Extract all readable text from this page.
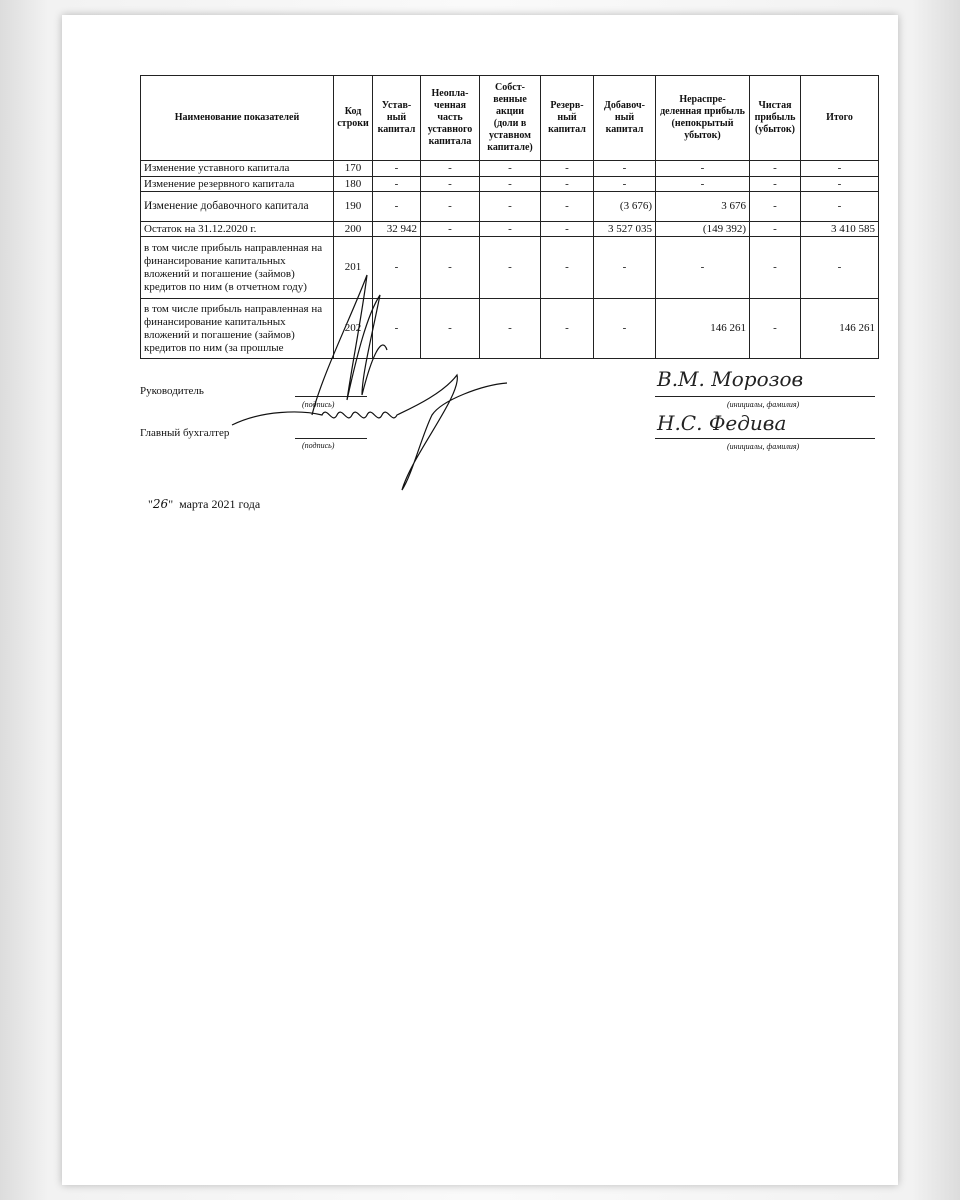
Наименование показателей	Код строки	Устав-ный капитал	Неопла-ченная часть уставного капитала	Собст-венные акции (доли в уставном капитале)	Резерв-ный капитал	Добавоч-ный капитал	Нераспре-деленная прибыль (непокрытый убыток)	Чистая прибыль (убыток)	Итого
Изменение уставного капитала	170	-	-	-	-	-	-	-	-
Изменение резервного капитала	180	-	-	-	-	-	-	-	-
Изменение добавочного капитала	190	-	-	-	-	(3 676)	3 676	-	-
Остаток на 31.12.2020 г.	200	32 942	-	-	-	3 527 035	(149 392)	-	3 410 585
в том числе прибыль направленная на финансирование капитальных вложений и погашение (займов) кредитов по ним (в отчетном году)	201	-	-	-	-	-	-	-	-
в том числе прибыль направленная на финансирование капитальных вложений и погашение (займов) кредитов по ним (за прошлые	202	-	-	-	-	-	146 261	-	146 261
Руководитель
(подпись)
В.М. Морозов
(инициалы, фамилия)
Главный бухгалтер
(подпись)
Н.С. Федива
(инициалы, фамилия)
"26"  марта 2021 года
